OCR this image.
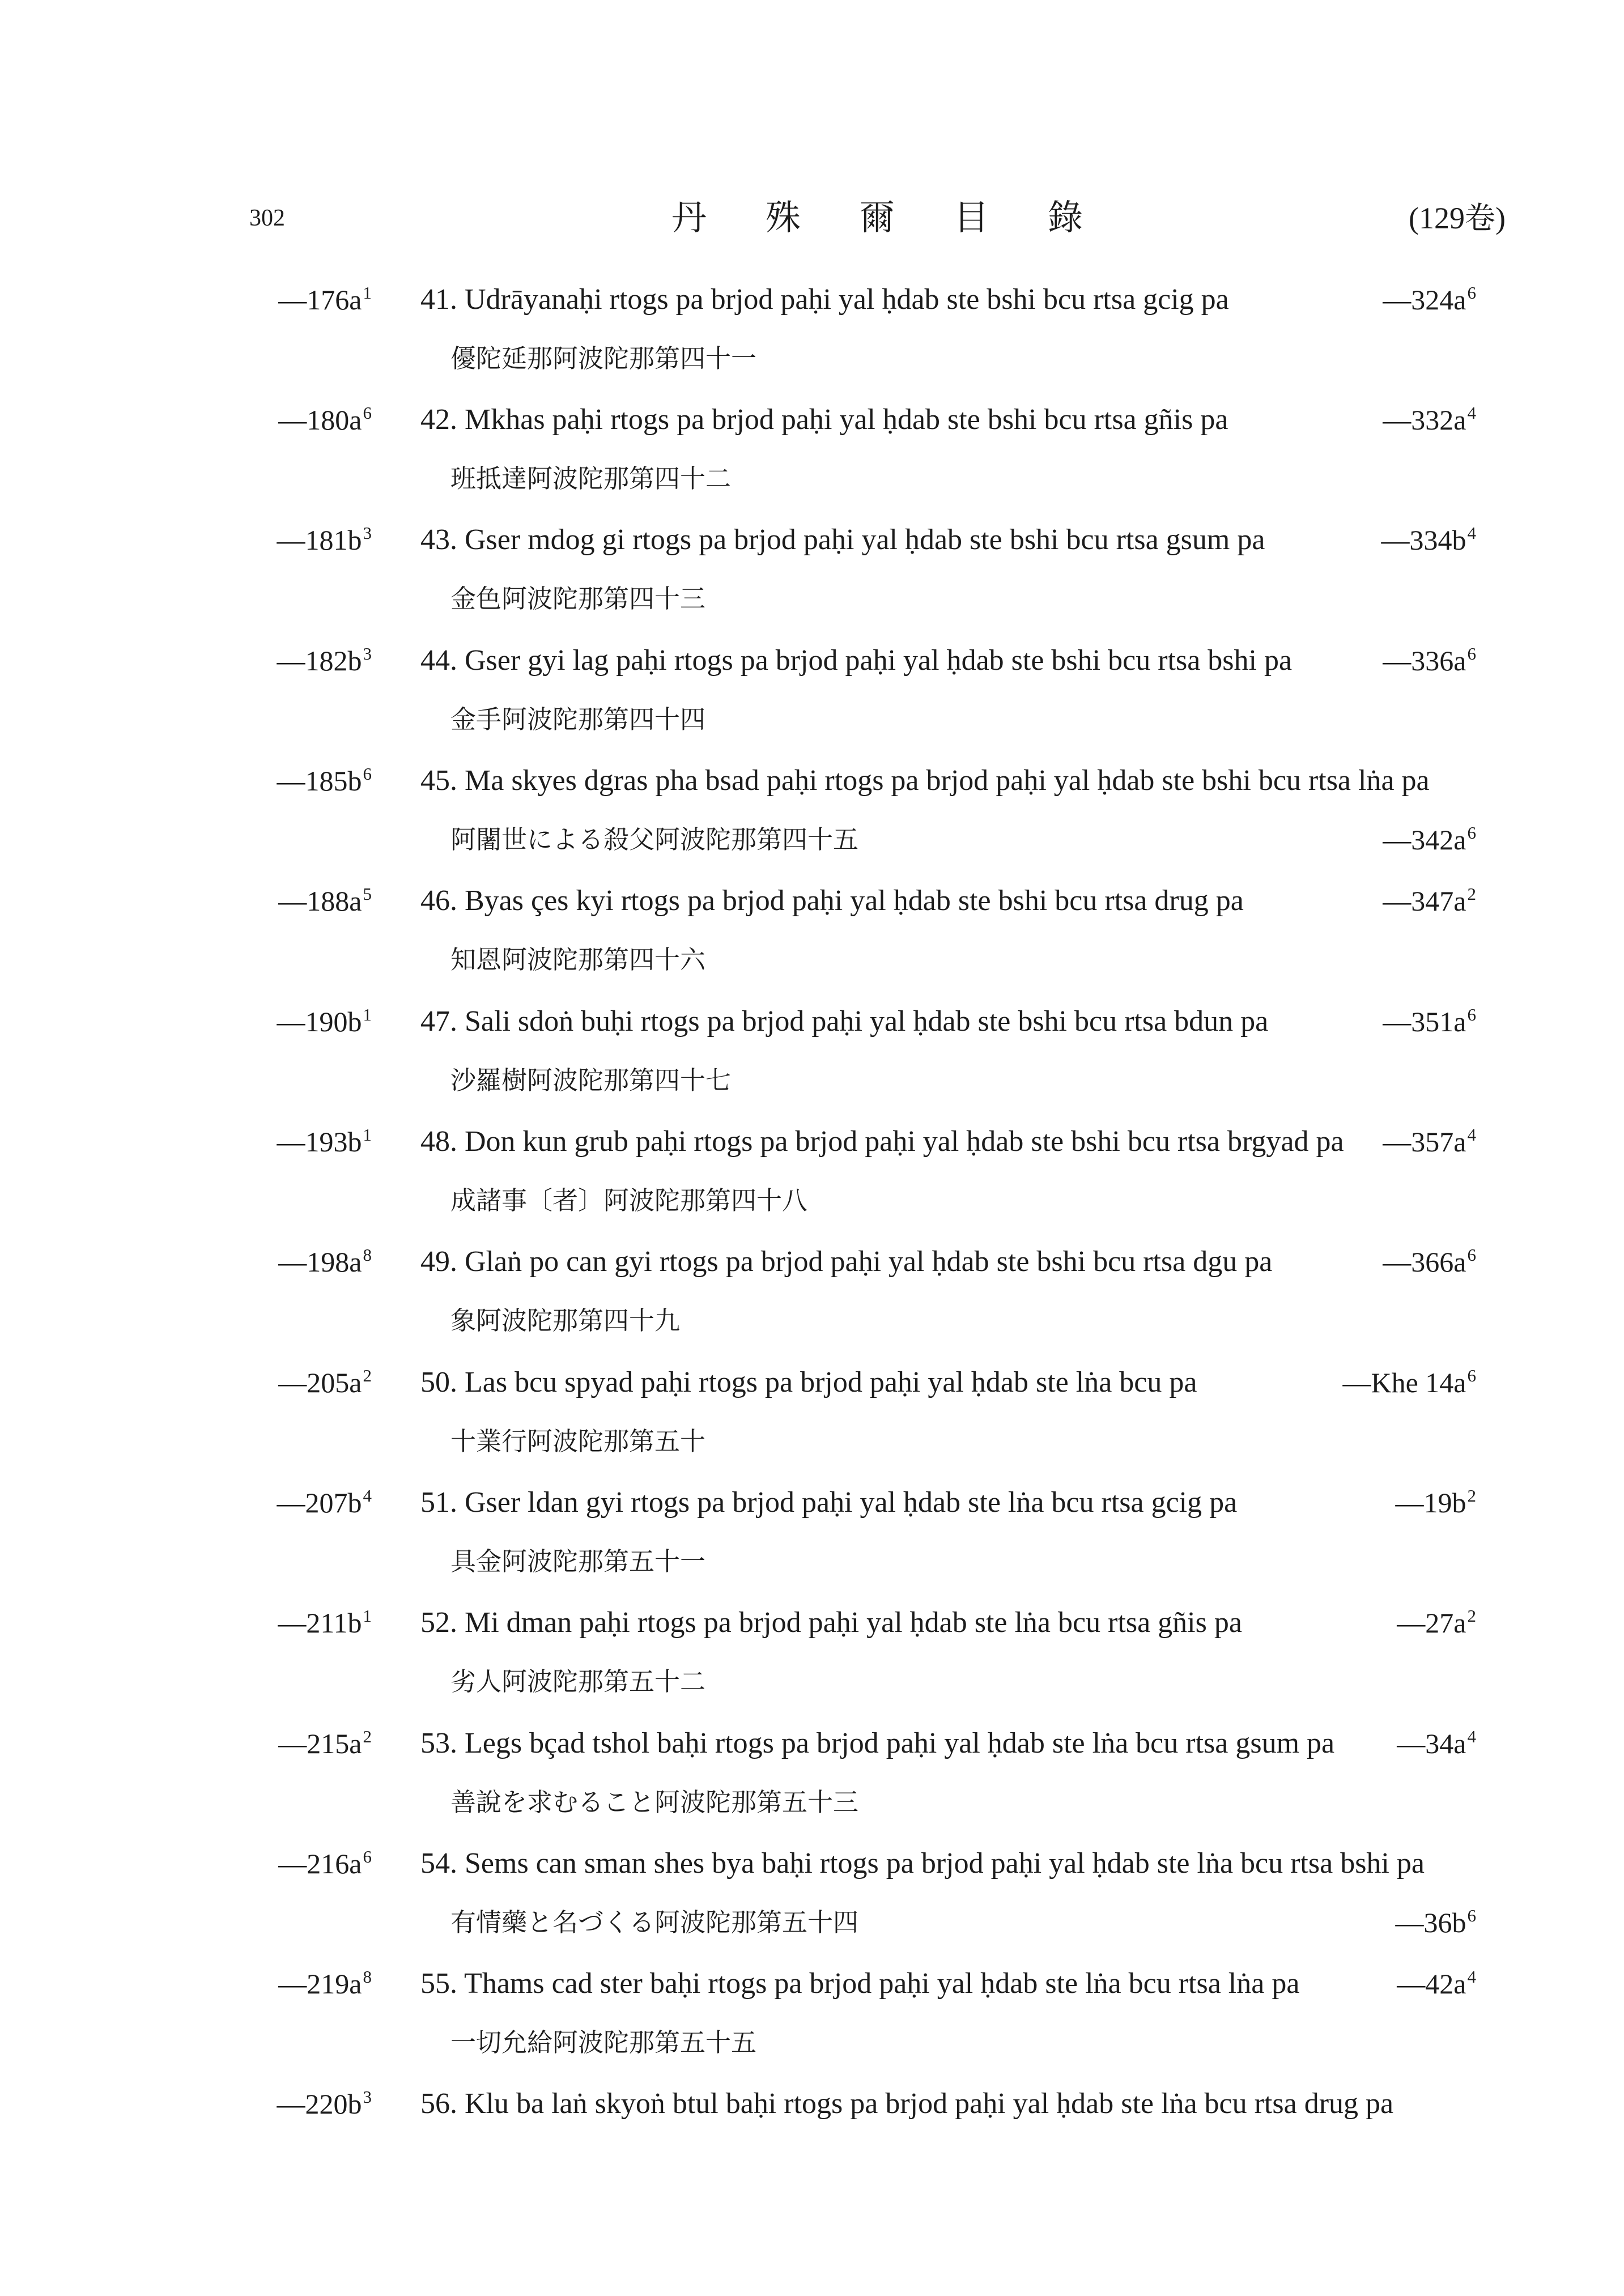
302	丹殊爾目錄	(129卷)
$—176a^1$ 41. Udrāyanaḥi rtogs pa brjod paḥi yal ḥdab ste bshi bcu rtsa gcig pa	$—324a^6$
優陀延那阿波陀那第四十一
$—180a^6$ 42. Mkhas paḥi rtogs pa brjod paḥi yal ḥdab ste bshi bcu rtsa gñis pa	$—332a^4$
班抵達阿波陀那第四十二
$—181b^3$ 43. Gser mdog gi rtogs pa brjod paḥi yal ḥdab ste bshi bcu rtsa gsum pa	$—334b^4$
金色阿波陀那第四十三
$—182b^3$ 44. Gser gyi lag paḥi rtogs pa brjod paḥi yal ḥdab ste bshi bcu rtsa bshi pa	$—336a^6$
金手阿波陀那第四十四
$—185b^6$ 45. Ma skyes dgras pha bsad paḥi rtogs pa brjod paḥi yal ḥdab ste bshi bcu rtsa lṅa pa
阿闍世による殺父阿波陀那第四十五	$—342a^6$
$—188a^5$ 46. Byas çes kyi rtogs pa brjod paḥi yal ḥdab ste bshi bcu rtsa drug pa	$—347a^2$
知恩阿波陀那第四十六
$—190b^1$ 47. Sali sdoṅ buḥi rtogs pa brjod paḥi yal ḥdab ste bshi bcu rtsa bdun pa	$—351a^6$
沙羅樹阿波陀那第四十七
$—193b^1$ 48. Don kun grub paḥi rtogs pa brjod paḥi yal ḥdab ste bshi bcu rtsa brgyad pa $—357a^4$
成諸事〔者〕阿波陀那第四十八
$—198a^8$ 49. Glaṅ po can gyi rtogs pa brjod paḥi yal ḥdab ste bshi bcu rtsa dgu pa	$—366a^6$
象阿波陀那第四十九
$—205a^2$ 50. Las bcu spyad paḥi rtogs pa brjod paḥi yal ḥdab ste lṅa bcu pa	—Khe $14a^6$
十業行阿波陀那第五十
$—207b^4$ 51. Gser ldan gyi rtogs pa brjod paḥi yal ḥdab ste lṅa bcu rtsa gcig pa	$—19b^2$
具金阿波陀那第五十一
$—211b^1$ 52. Mi dman paḥi rtogs pa brjod paḥi yal ḥdab ste lṅa bcu rtsa gñis pa	$—27a^2$
劣人阿波陀那第五十二
$—215a^2$ 53. Legs bçad tshol baḥi rtogs pa brjod paḥi yal ḥdab ste lṅa bcu rtsa gsum pa $—34a^4$
善說を求むること阿波陀那第五十三
$—216a^6$ 54. Sems can sman shes bya baḥi rtogs pa brjod paḥi yal ḥdab ste lṅa bcu rtsa bshi pa
有情藥と名づくる阿波陀那第五十四	$—36b^6$
$—219a^8$ 55. Thams cad ster baḥi rtogs pa brjod paḥi yal ḥdab ste lṅa bcu rtsa lṅa pa	$—42a^4$
一切允給阿波陀那第五十五
$—220b^3$ 56. Klu ba laṅ skyoṅ btul baḥi rtogs pa brjod paḥi yal ḥdab ste lṅa bcu rtsa drug pa
